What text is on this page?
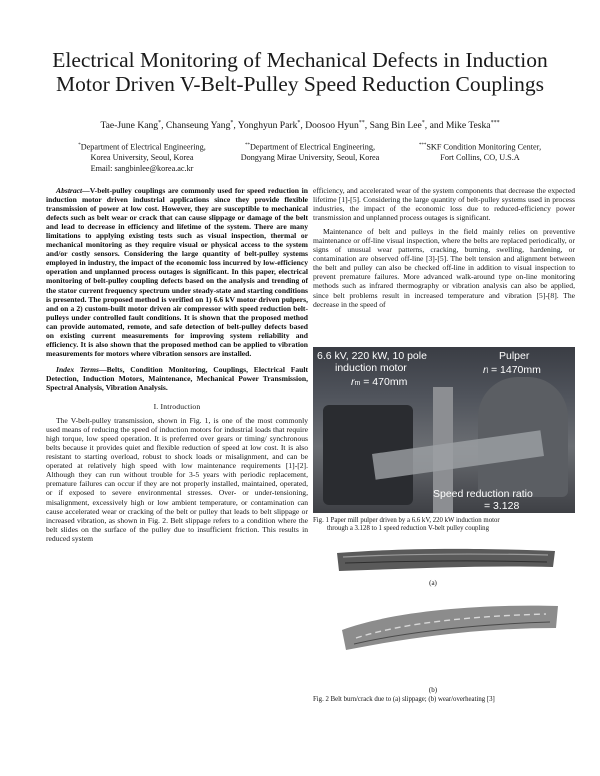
Electrical Monitoring of Mechanical Defects in Induction
Motor Driven V-Belt-Pulley Speed Reduction Couplings
Tae-June Kang*, Chanseung Yang*, Yonghyun Park*, Doosoo Hyun**, Sang Bin Lee*, and Mike Teska***
*Department of Electrical Engineering,
Korea University, Seoul, Korea
Email: sangbinlee@korea.ac.kr
**Department of Electrical Engineering,
Dongyang Mirae University, Seoul, Korea
***SKF Condition Monitoring Center,
Fort Collins, CO, U.S.A

Abstract—V-belt-pulley couplings are commonly used for speed reduction in induction motor driven industrial applications since they provide flexible transmission of power at low cost. However, they are susceptible to mechanical defects such as belt wear or crack that can cause slippage or damage of the belt and lead to decrease in efficiency and lifetime of the system. There are many limitations to applying existing tests such as visual inspection, thermal or mechanical monitoring as they require visual or physical access to the system and/or costly sensors. Considering the large quantity of belt-pulley systems employed in industry, the impact of the economic loss incurred by low-efficiency operation and unplanned process outages is significant. In this paper, electrical monitoring of belt-pulley coupling defects based on the analysis and trending of the stator current frequency spectrum under steady-state and starting conditions is presented. The proposed method is verified on 1) 6.6 kV motor driven pulpers, and on a 2) custom-built motor driven air compressor with speed reduction belt-pulleys under controlled fault conditions. It is shown that the proposed method can provide automated, remote, and safe detection of belt-pulley defects based on existing current measurements for improving system reliability and efficiency. It is also shown that the proposed method can be applied to vibration measurements for motors where vibration sensors are installed.

Index Terms—Belts, Condition Monitoring, Couplings, Electrical Fault Detection, Induction Motors, Maintenance, Mechanical Power Transmission, Spectral Analysis, Vibration Analysis.

I. Introduction

The V-belt-pulley transmission, shown in Fig. 1, is one of the most commonly used means of reducing the speed of induction motors for industrial loads that require high torque, low speed operation. It is preferred over gears or timing/ synchronous belts because it provides quiet and flexible reduction of speed at low cost. It is also resistant to starting overload, robust to shock loads or misalignment, and can be operated at relatively high speed with low maintenance requirements [1]-[2]. Although they can run without trouble for 3-5 years with periodic replacement, premature failures can occur if they are not properly installed, maintained, operated, or if exposed to severe environmental stresses. Over- or under-tensioning, misalignment, excessively high or low ambient temperature, or contamination can cause accelerated wear or cracking of the belt or pulley that leads to belt slippage or increased vibration, as shown in Fig. 2. Belt slippage refers to a condition where the belt slides on the surface of the pulley due to insufficient friction. This results in reduced system

efficiency, and accelerated wear of the system components that decrease the expected lifetime [1]-[5]. Considering the large quantity of belt-pulley systems used in process industries, the impact of the economic loss due to reduced-efficiency power transmission and unplanned process outages is significant.

Maintenance of belt and pulleys in the field mainly relies on preventive maintenance or off-line visual inspection, where the belts are replaced periodically, or signs of unusual wear patterns, cracking, burning, swelling, hardening, or contamination are observed off-line [3]-[5]. The belt tension and alignment between the belt and pulley can also be checked off-line in addition to visual inspection to prevent premature failures. More advanced walk-around type on-line monitoring methods such as infrared thermography or vibration analysis can also be applied, since belt problems result in increased temperature and vibration [5]-[8]. The decrease in the speed of

6.6 kV, 220 kW, 10 pole
induction motor
rm = 470mm
Pulper
rl = 1470mm
Speed reduction ratio
= 3.128
Fig. 1 Paper mill pulper driven by a 6.6 kV, 220 kW induction motor
through a 3.128 to 1 speed reduction V-belt pulley coupling
(a)
(b)
Fig. 2 Belt burn/crack due to (a) slippage; (b) wear/overheating [3]
